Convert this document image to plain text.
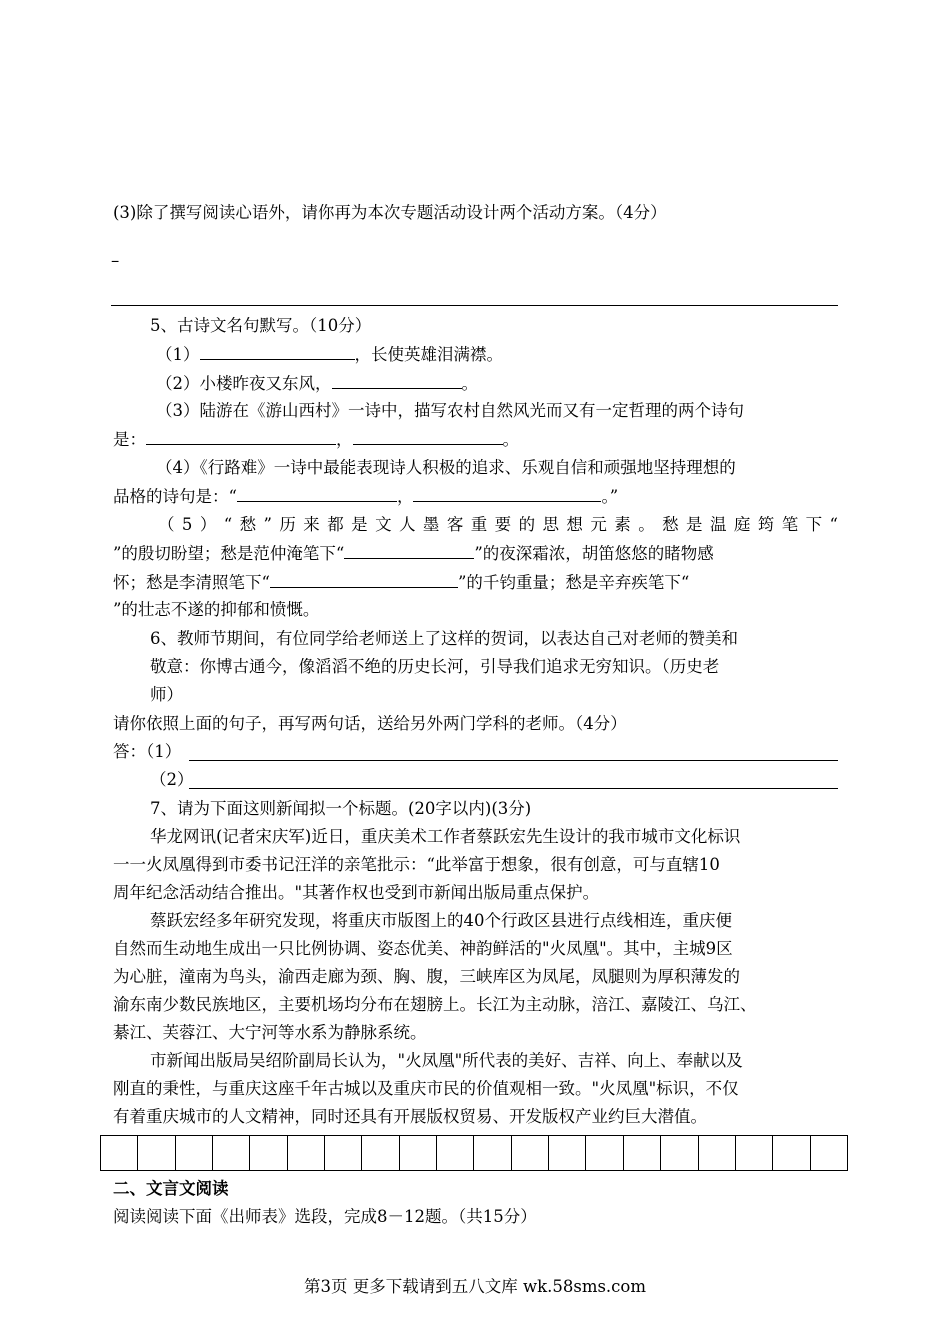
(3)除了撰写阅读心语外，请你再为本次专题活动设计两个活动方案。（4分）
–
5、古诗文名句默写。（10分）
（1）	，长使英雄泪满襟。
（2）小楼昨夜又东风，	。
（3）陆游在《游山西村》一诗中，描写农村自然风光而又有一定哲理的两个诗句
是：	，	。
（4）《行路难》一诗中最能表现诗人积极的追求、乐观自信和顽强地坚持理想的
品格的诗句是：“	，	。”
（5）“愁”历来都是文人墨客重要的思想元素。愁是温庭筠笔下“
”的殷切盼望；愁是范仲淹笔下“	”的夜深霜浓，胡笛悠悠的睹物感
怀；愁是李清照笔下“	”的千钧重量；愁是辛弃疾笔下“
”的壮志不遂的抑郁和愤慨。
6、教师节期间，有位同学给老师送上了这样的贺词，以表达自己对老师的赞美和
敬意：你博古通今，像滔滔不绝的历史长河，引导我们追求无穷知识。（历史老
师）
请你依照上面的句子，再写两句话，送给另外两门学科的老师。（4分）
答：（1）
（2）
7、请为下面这则新闻拟一个标题。(20字以内)(3分)
华龙网讯(记者宋庆军)近日，重庆美术工作者蔡跃宏先生设计的我市城市文化标识
一一火凤凰得到市委书记汪洋的亲笔批示：“此举富于想象，很有创意，可与直辖10
周年纪念活动结合推出。"其著作权也受到市新闻出版局重点保护。
蔡跃宏经多年研究发现，将重庆市版图上的40个行政区县进行点线相连，重庆便
自然而生动地生成出一只比例协调、姿态优美、神韵鲜活的"火凤凰"。其中，主城9区
为心脏，潼南为鸟头，渝西走廊为颈、胸、腹，三峡库区为凤尾，凤腿则为厚积薄发的
渝东南少数民族地区，主要机场均分布在翅膀上。长江为主动脉，涪江、嘉陵江、乌江、
綦江、芙蓉江、大宁河等水系为静脉系统。
市新闻出版局吴绍阶副局长认为，"火凤凰"所代表的美好、吉祥、向上、奉献以及
刚直的秉性，与重庆这座千年古城以及重庆市民的价值观相一致。"火凤凰"标识，不仅
有着重庆城市的人文精神，同时还具有开展版权贸易、开发版权产业约巨大潜值。

二、文言文阅读
阅读阅读下面《出师表》选段，完成8－12题。（共15分）
第3页 更多下载请到五八文库 wk.58sms.com
